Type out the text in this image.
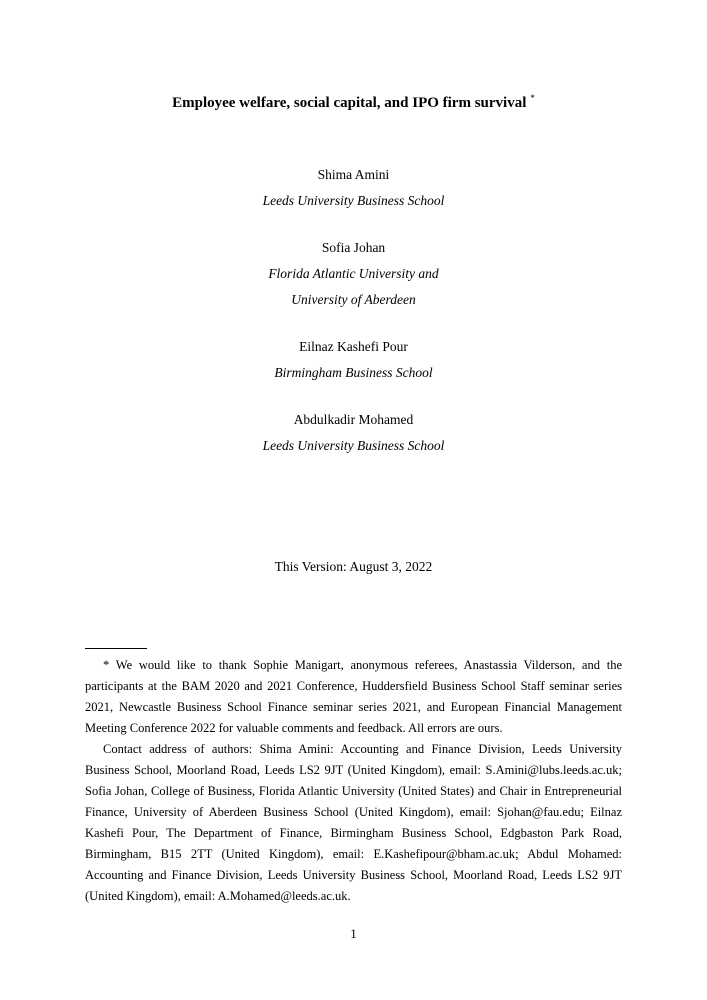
Employee welfare, social capital, and IPO firm survival *

Shima Amini

Leeds University Business School

Sofia Johan

Florida Atlantic University and

University of Aberdeen

Eilnaz Kashefi Pour

Birmingham Business School

Abdulkadir Mohamed

Leeds University Business School

This Version: August 3, 2022

* We would like to thank Sophie Manigart, anonymous referees, Anastassia Vilderson, and the participants at the BAM 2020 and 2021 Conference, Huddersfield Business School Staff seminar series 2021, Newcastle Business School Finance seminar series 2021, and European Financial Management Meeting Conference 2022 for valuable comments and feedback. All errors are ours.

Contact address of authors: Shima Amini: Accounting and Finance Division, Leeds University Business School, Moorland Road, Leeds LS2 9JT (United Kingdom), email: S.Amini@lubs.leeds.ac.uk; Sofia Johan, College of Business, Florida Atlantic University (United States) and Chair in Entrepreneurial Finance, University of Aberdeen Business School (United Kingdom), email: Sjohan@fau.edu; Eilnaz Kashefi Pour, The Department of Finance, Birmingham Business School, Edgbaston Park Road, Birmingham, B15 2TT (United Kingdom), email: E.Kashefipour@bham.ac.uk; Abdul Mohamed: Accounting and Finance Division, Leeds University Business School, Moorland Road, Leeds LS2 9JT (United Kingdom), email: A.Mohamed@leeds.ac.uk.

1
